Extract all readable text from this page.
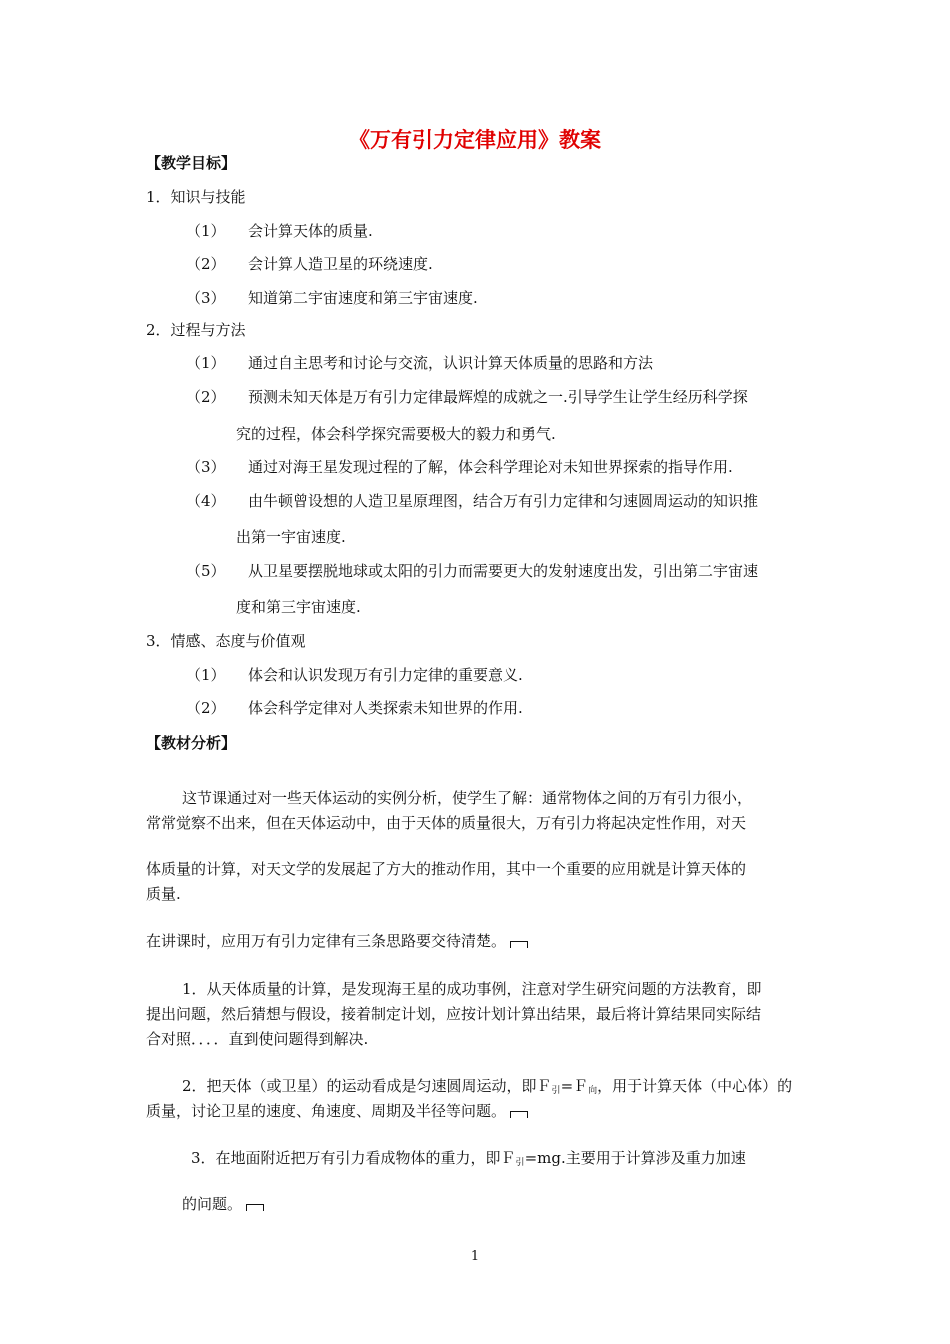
《万有引力定律应用》教案
【教学目标】
1．知识与技能
（1） 会计算天体的质量.
（2） 会计算人造卫星的环绕速度.
（3） 知道第二宇宙速度和第三宇宙速度.
2．过程与方法
（1） 通过自主思考和讨论与交流，认识计算天体质量的思路和方法
（2） 预测未知天体是万有引力定律最辉煌的成就之一.引导学生让学生经历科学探
究的过程，体会科学探究需要极大的毅力和勇气.
（3） 通过对海王星发现过程的了解，体会科学理论对未知世界探索的指导作用.
（4） 由牛顿曾设想的人造卫星原理图，结合万有引力定律和匀速圆周运动的知识推
出第一宇宙速度.
（5） 从卫星要摆脱地球或太阳的引力而需要更大的发射速度出发，引出第二宇宙速
度和第三宇宙速度.
3．情感、态度与价值观
（1） 体会和认识发现万有引力定律的重要意义.
（2） 体会科学定律对人类探索未知世界的作用.
【教材分析】
这节课通过对一些天体运动的实例分析，使学生了解：通常物体之间的万有引力很小，
常常觉察不出来，但在天体运动中，由于天体的质量很大，万有引力将起决定性作用，对天
体质量的计算，对天文学的发展起了方大的推动作用，其中一个重要的应用就是计算天体的
质量.
在讲课时，应用万有引力定律有三条思路要交待清楚。
1．从天体质量的计算，是发现海王星的成功事例，注意对学生研究问题的方法教育，即
提出问题，然后猜想与假设，接着制定计划，应按计划计算出结果，最后将计算结果同实际结
合对照．．．．直到使问题得到解决.
2．把天体（或卫星）的运动看成是匀速圆周运动，即Ｆ$_引$=Ｆ$_向$，用于计算天体（中心体）的
质量，讨论卫星的速度、角速度、周期及半径等问题。
3．在地面附近把万有引力看成物体的重力，即Ｆ$_引$=mg.主要用于计算涉及重力加速
的问题。
1
